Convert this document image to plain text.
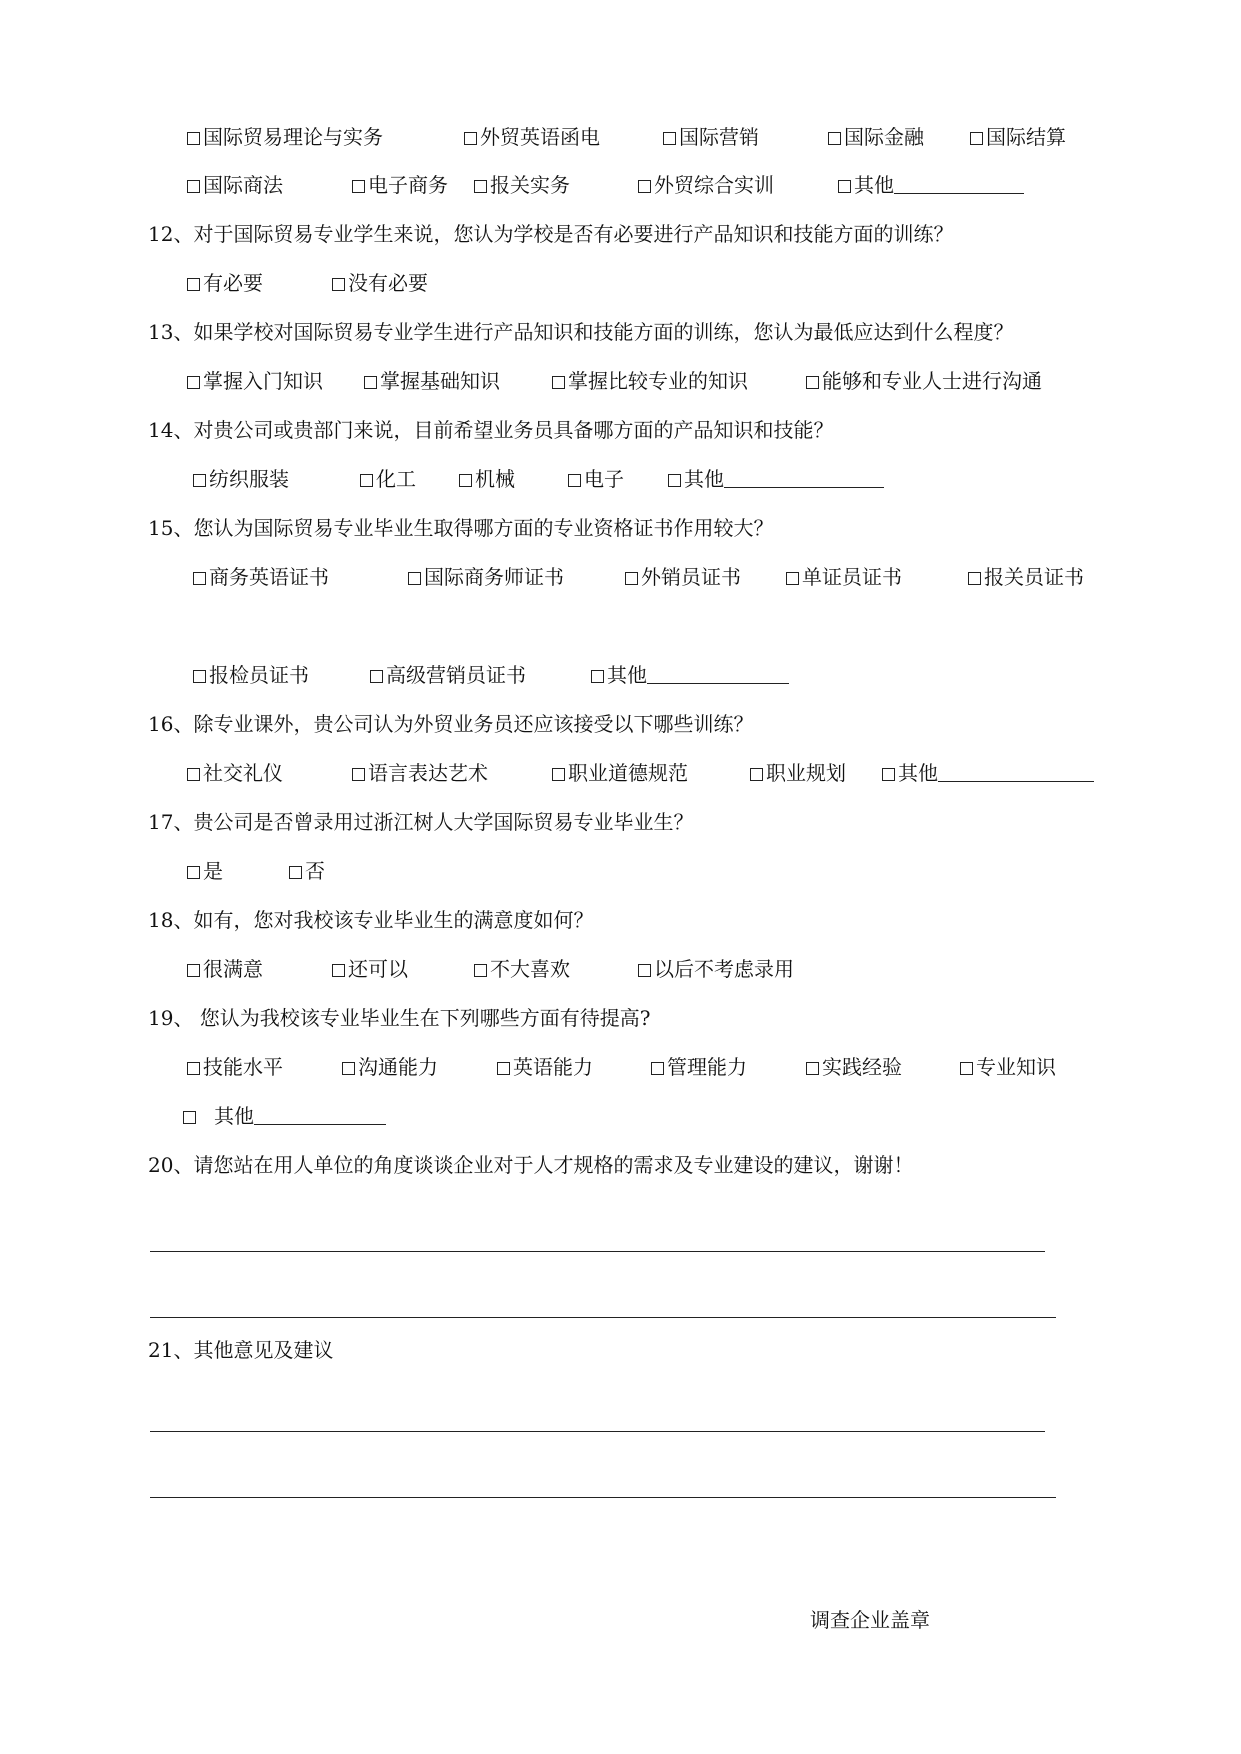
国际贸易理论与实务	外贸英语函电	国际营销	国际金融	国际结算
国际商法	电子商务	报关实务	外贸综合实训	其他
12、对于国际贸易专业学生来说，您认为学校是否有必要进行产品知识和技能方面的训练？
有必要	没有必要
13、如果学校对国际贸易专业学生进行产品知识和技能方面的训练，您认为最低应达到什么程度？
掌握入门知识	掌握基础知识	掌握比较专业的知识	能够和专业人士进行沟通
14、对贵公司或贵部门来说，目前希望业务员具备哪方面的产品知识和技能？
纺织服装	化工	机械	电子	其他
15、您认为国际贸易专业毕业生取得哪方面的专业资格证书作用较大？
商务英语证书	国际商务师证书	外销员证书	单证员证书	报关员证书
报检员证书	高级营销员证书	其他
16、除专业课外，贵公司认为外贸业务员还应该接受以下哪些训练？
社交礼仪	语言表达艺术	职业道德规范	职业规划	其他
17、贵公司是否曾录用过浙江树人大学国际贸易专业毕业生？
是	否
18、如有，您对我校该专业毕业生的满意度如何？
很满意	还可以	不大喜欢	以后不考虑录用
19、 您认为我校该专业毕业生在下列哪些方面有待提高?
技能水平	沟通能力	英语能力	管理能力	实践经验	专业知识
其他
20、请您站在用人单位的角度谈谈企业对于人才规格的需求及专业建设的建议，谢谢！
21、其他意见及建议
调查企业盖章
